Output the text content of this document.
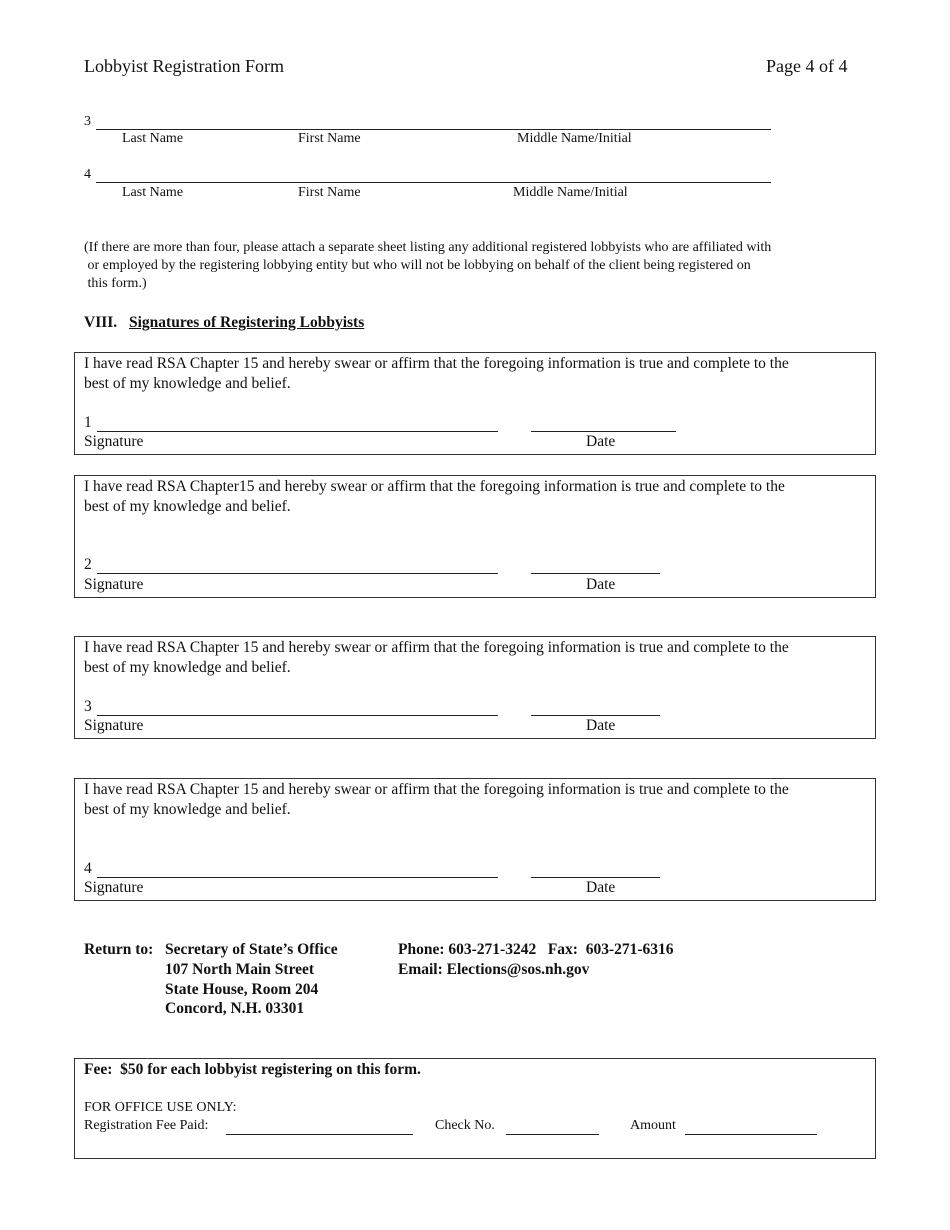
Lobbyist Registration Form	Page 4 of 4
3
Last Name	First Name	Middle Name/Initial
4
Last Name	First Name	Middle Name/Initial
(If there are more than four, please attach a separate sheet listing any additional registered lobbyists who are affiliated with
or employed by the registering lobbying entity but who will not be lobbying on behalf of the client being registered on
this form.)
VIII. Signatures of Registering Lobbyists
I have read RSA Chapter 15 and hereby swear or affirm that the foregoing information is true and complete to the
best of my knowledge and belief.
1
Signature	Date
I have read RSA Chapter15 and hereby swear or affirm that the foregoing information is true and complete to the
best of my knowledge and belief.
2
Signature	Date
I have read RSA Chapter 15 and hereby swear or affirm that the foregoing information is true and complete to the
best of my knowledge and belief.
3
Signature	Date
I have read RSA Chapter 15 and hereby swear or affirm that the foregoing information is true and complete to the
best of my knowledge and belief.
4
Signature	Date
Return to: Secretary of State’s Office
107 North Main Street
State House, Room 204
Concord, N.H. 03301
Phone: 603-271-3242   Fax:  603-271-6316
Email: Elections@sos.nh.gov
Fee:  $50 for each lobbyist registering on this form.
FOR OFFICE USE ONLY:
Registration Fee Paid:	Check No.	Amount
